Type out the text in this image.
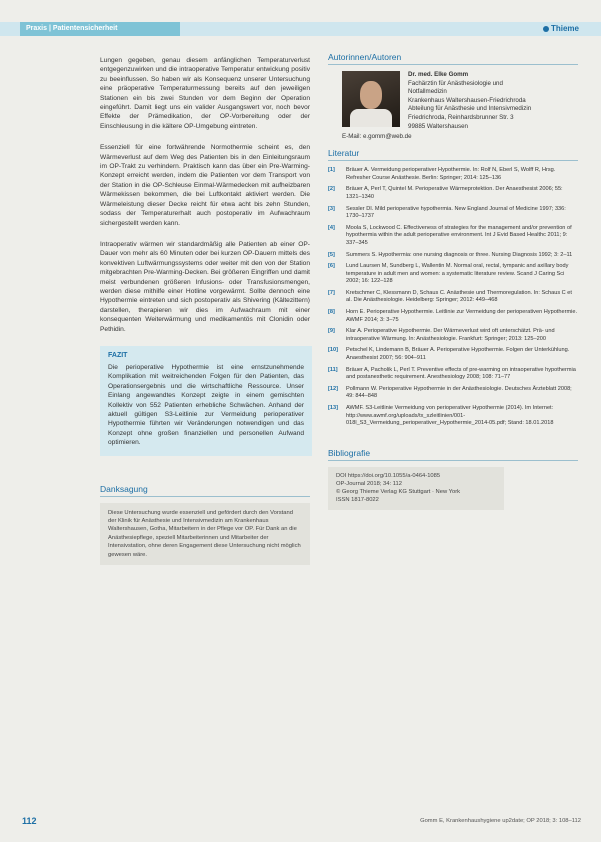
Praxis | Patientensicherheit	Thieme

Lungen gegeben, genau diesem anfänglichen Temperaturverlust entgegenzuwirken und die intraoperative Temperatur entwickung positiv zu beeinflussen. So haben wir als Konsequenz unserer Untersuchung eine präoperative Temperaturmessung bereits auf den jeweiligen Stationen ein bis zwei Stunden vor dem Beginn der Operation eingeführt. Damit liegt uns ein valider Ausgangswert vor, noch bevor Effekte der Prämedikation, der OP-Vorbereitung oder der Einschleusung in die kältere OP-Umgebung eintreten.

Essenziell für eine fortwährende Normothermie scheint es, den Wärmeverlust auf dem Weg des Patienten bis in den Einleitungsraum im OP-Trakt zu verhindern. Praktisch kann das über ein Pre-Warming-Konzept erreicht werden, indem die Patienten vor dem Transport von der Station in die OP-Schleuse Einmal-Wärmedecken mit aufheizbaren Wärmekissen bekommen, die bei Luftkontakt aktiviert werden. Die Wärmeleistung dieser Decke reicht für etwa acht bis zehn Stunden, sodass der Temperaturerhalt auch postoperativ im Aufwachraum sichergestellt werden kann.

Intraoperativ wärmen wir standardmäßig alle Patienten ab einer OP-Dauer von mehr als 60 Minuten oder bei kurzen OP-Dauern mittels des konvektiven Luftwärmungssystems oder weiter mit den von der Station mitgebrachten Pre-Warming-Decken. Bei größeren Eingriffen und damit meist verbundenen größeren Infusions- oder Transfusionsmengen, werden diese mithilfe einer Hotline vorgewärmt. Sollte dennoch eine Hypothermie eintreten und sich postoperativ als Shivering (Kältezittern) darstellen, therapieren wir dies im Aufwachraum mit einer konsequenten Weiterwärmung und medikamentös mit Clonidin oder Pethidin.

FAZIT

Die perioperative Hypothermie ist eine ernstzunehmende Komplikation mit weitreichenden Folgen für den Patienten, das Operationsergebnis und die wirtschaftliche Ressource. Unser Einlang angewandtes Konzept zeigte in einem gemischten Kollektiv von 552 Patienten erhebliche Schwächen. Anhand der aktuell gültigen S3-Leitlinie zur Vermeidung perioperativer Hypothermie führten wir Veränderungen notwendigen und das Konzept ohne großen finanziellen und personellen Aufwand optimieren.

Danksagung
Diese Untersuchung wurde essenziell und gefördert durch den Vorstand der Klinik für Anästhesie und Intensivmedizin am Krankenhaus Waltershausen, Gotha, Mitarbeitern in der Pflege vor OP. Für Dank an die Anästhesiepflege, speziell Mitarbeiterinnen und Mitarbeiter der Intensivstation, ohne deren Engagement diese Untersuchung nicht möglich gewesen wäre.
Autorinnen/Autoren
Dr. med. Elke Gomm
Fachärztin für Anästhesiologie und
Notfallmedizin
Krankenhaus Waltershausen-Friedrichroda
Abteilung für Anästhesie und Intensivmedizin
Friedrichroda, Reinhardsbrunner Str. 3
99885 Waltershausen
E-Mail: e.gomm@web.de
Literatur
[1]	Bräuer A. Vermeidung perioperativer Hypothermie. In: Rolf N, Eberl S, Wolff R, Hrsg. Refresher Course Anästhesie. Berlin: Springer; 2014: 125–136
[2]	Bräuer A, Perl T, Quintel M. Perioperative Wärmeprotektion. Der Anaesthesist 2006; 55: 1321–1340
[3]	Sessler DI. Mild perioperative hypothermia. New England Journal of Medicine 1997; 336: 1730–1737
[4]	Moola S, Lockwood C. Effectiveness of strategies for the management and/or prevention of hypothermia within the adult perioperative environment. Int J Evid Based Healthc 2011; 9: 337–345
[5]	Summers S. Hypothermia: one nursing diagnosis or three. Nursing Diagnosis 1992; 3: 2–11
[6]	Lund Laursen M, Sundberg L, Wallentin M. Normal oral, rectal, tympanic and axillary body temperature in adult men and women: a systematic literature review. Scand J Caring Sci 2002; 16: 122–128
[7]	Kretschmer C, Klessmann D, Schaus C. Anästhesie und Thermoregulation. In: Schaus C et al. Die Anästhesiologie. Heidelberg: Springer; 2012: 449–468
[8]	Horn E. Perioperative Hypothermie. Leitlinie zur Vermeidung der perioperativen Hypothermie. AWMF 2014; 3: 3–75
[9]	Klar A. Perioperative Hypothermie. Der Wärmeverlust wird oft unterschätzt. Prä- und intraoperative Wärmung. In: Anästhesiologie. Frankfurt: Springer; 2013: 125–200
[10]	Petschel K, Lindemann B, Bräuer A. Perioperative Hypothermie. Folgen der Unterkühlung. Anaesthesist 2007; 56: 904–911
[11]	Bräuer A, Pacholik L, Perl T. Preventive effects of pre-warming on intraoperative hypothermia and postanesthetic requirement. Anesthesiology 2008; 108: 71–77
[12]	Pollmann W. Perioperative Hypothermie in der Anästhesiologie. Deutsches Ärzteblatt 2008; 49: 844–848
[13]	AWMF. S3-Leitlinie Vermeidung von perioperativer Hypothermie (2014). Im Internet: http://www.awmf.org/uploads/tx_szleitlinien/001-018l_S3_Vermeidung_perioperativer_Hypothermie_2014-05.pdf; Stand: 18.01.2018
Bibliografie
DOI https://doi.org/10.1055/a-0464-1085
OP-Journal 2018; 34: 112
© Georg Thieme Verlag KG Stuttgart · New York
ISSN 1817-8022
112	Gomm E, Krankenhaushygiene up2date; OP 2018; 3: 108–112
